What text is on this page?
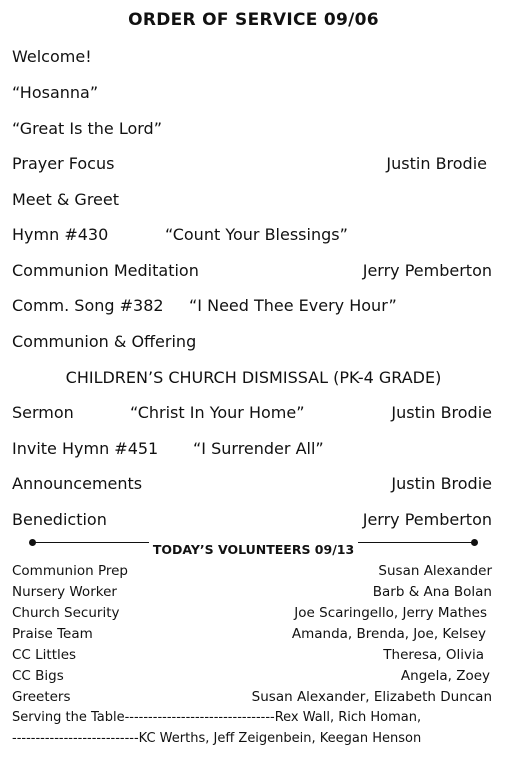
ORDER OF SERVICE 09/06
Welcome!
“Hosanna”
“Great Is the Lord”
Prayer Focus	Justin Brodie
Meet & Greet
Hymn #430	“Count Your Blessings”
Communion Meditation	Jerry Pemberton
Comm. Song #382 “I Need Thee Every Hour”
Communion & Offering
CHILDREN’S CHURCH DISMISSAL (PK-4 GRADE)
Sermon	“Christ In Your Home”	Justin Brodie
Invite Hymn #451 “I Surrender All”
Announcements	Justin Brodie
Benediction	Jerry Pemberton
TODAY’S VOLUNTEERS 09/13
Communion Prep	Susan Alexander
Nursery Worker	Barb & Ana Bolan
Church Security	Joe Scaringello, Jerry Mathes
Praise Team	Amanda, Brenda, Joe, Kelsey
CC Littles	Theresa, Olivia
CC Bigs	Angela, Zoey
Greeters	Susan Alexander, Elizabeth Duncan
Serving the Table--------------------------------Rex Wall, Rich Homan,
---------------------------KC Werths, Jeff Zeigenbein, Keegan Henson
